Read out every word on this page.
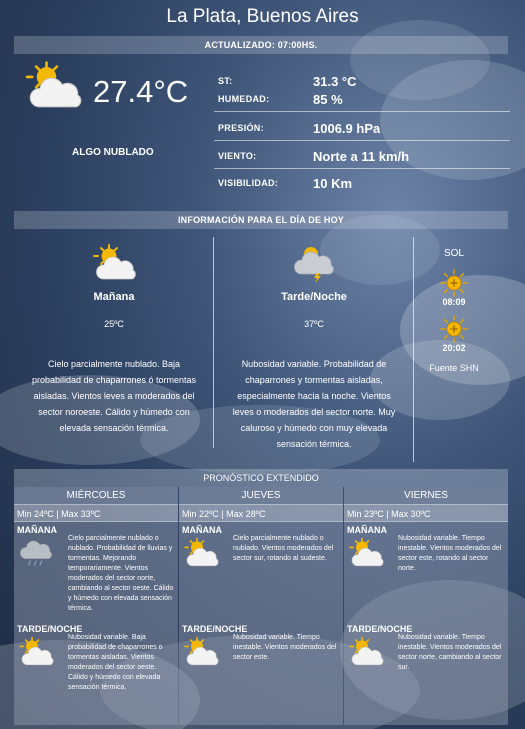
La Plata, Buenos Aires
ACTUALIZADO: 07:00HS.
27.4°C
ALGO NUBLADO
ST:	31.3 °C
HUMEDAD:	85 %
PRESIÓN:	1006.9 hPa
VIENTO:	Norte a 11 km/h
VISIBILIDAD:	10 Km
INFORMACIÓN PARA EL DÍA DE HOY
Mañana
25ºC
Cielo parcialmente nublado. Baja probabilidad de chaparrones ó tormentas aisladas. Vientos leves a moderados del sector noroeste. Cálido y húmedo con elevada sensación térmica.
Tarde/Noche
37ºC
Nubosidad variable. Probabilidad de chaparrones y tormentas aisladas, especialmente hacia la noche. Vientos leves o moderados del sector norte. Muy caluroso y húmedo con muy elevada sensación térmica.
SOL
08:09
20:02
Fuente SHN
PRONÓSTICO EXTENDIDO
MIÉRCOLES
Min 24ºC | Max 33ºC
MAÑANA
Cielo parcialmente nublado o nublado. Probabilidad de lluvias y tormentas. Mejorando temporariamente. Vientos moderados del sector norte, cambiando al sector oeste. Cálido y húmedo con elevada sensación térmica.
TARDE/NOCHE
Nubosidad variable. Baja probabilidad de chaparrones o tormentas aisladas. Vientos moderados del sector oeste. Cálido y húmedo con elevada sensación térmica.
JUEVES
Min 22ºC | Max 28ºC
MAÑANA
Cielo parcialmente nublado o nublado. Vientos moderados del sector sur, rotando al sudeste.
TARDE/NOCHE
Nubosidad variable. Tiempo inestable. Vientos moderados del sector este.
VIERNES
Min 23ºC | Max 30ºC
MAÑANA
Nubosidad variable. Tiempo inestable. Vientos moderados del sector este, rotando al sector norte.
TARDE/NOCHE
Nubosidad variable. Tiempo inestable. Vientos moderados del sector norte, cambiando al sector sur.
